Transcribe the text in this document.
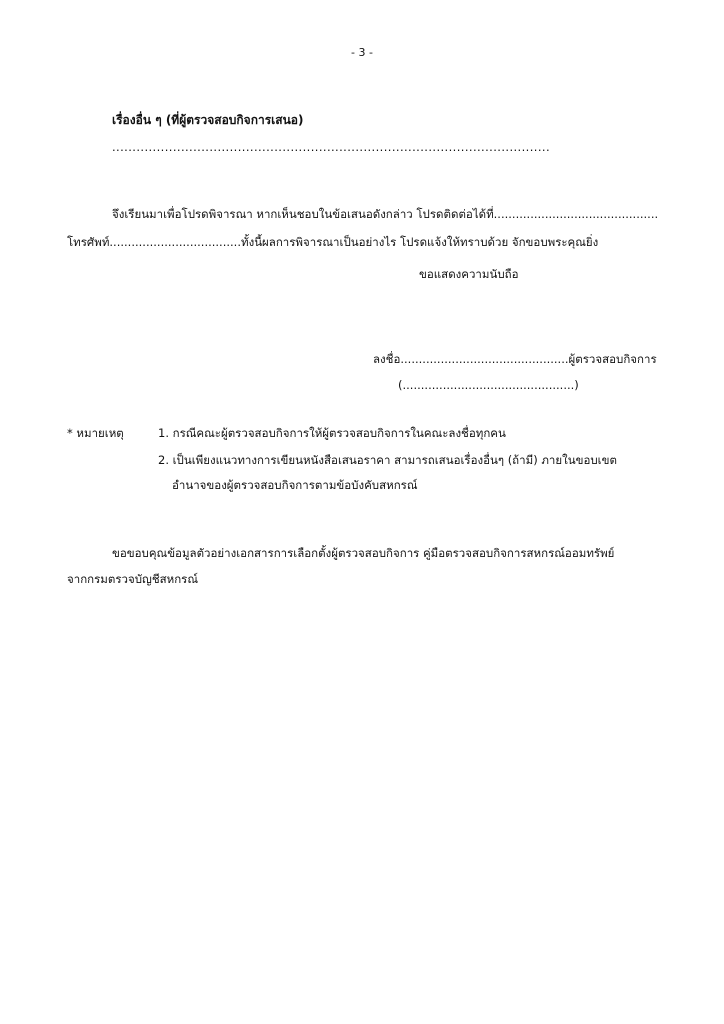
- 3 -
เรื่องอื่น ๆ (ที่ผู้ตรวจสอบกิจการเสนอ)
...................................................... ......................................................
จึงเรียนมาเพื่อโปรดพิจารณา หากเห็นชอบในข้อเสนอดังกล่าว โปรดติดต่อได้ที่.............................................
โทรศัพท์....................................ทั้งนี้ผลการพิจารณาเป็นอย่างไร โปรดแจ้งให้ทราบด้วย จักขอบพระคุณยิ่ง
ขอแสดงความนับถือ
ลงชื่อ..............................................ผู้ตรวจสอบกิจการ
(...............................................)
* หมายเหตุ	1. กรณีคณะผู้ตรวจสอบกิจการให้ผู้ตรวจสอบกิจการในคณะลงชื่อทุกคน
2. เป็นเพียงแนวทางการเขียนหนังสือเสนอราคา สามารถเสนอเรื่องอื่นๆ (ถ้ามี) ภายในขอบเขต
อำนาจของผู้ตรวจสอบกิจการตามข้อบังคับสหกรณ์
ขอขอบคุณข้อมูลตัวอย่างเอกสารการเลือกตั้งผู้ตรวจสอบกิจการ คู่มือตรวจสอบกิจการสหกรณ์ออมทรัพย์
จากกรมตรวจบัญชีสหกรณ์
